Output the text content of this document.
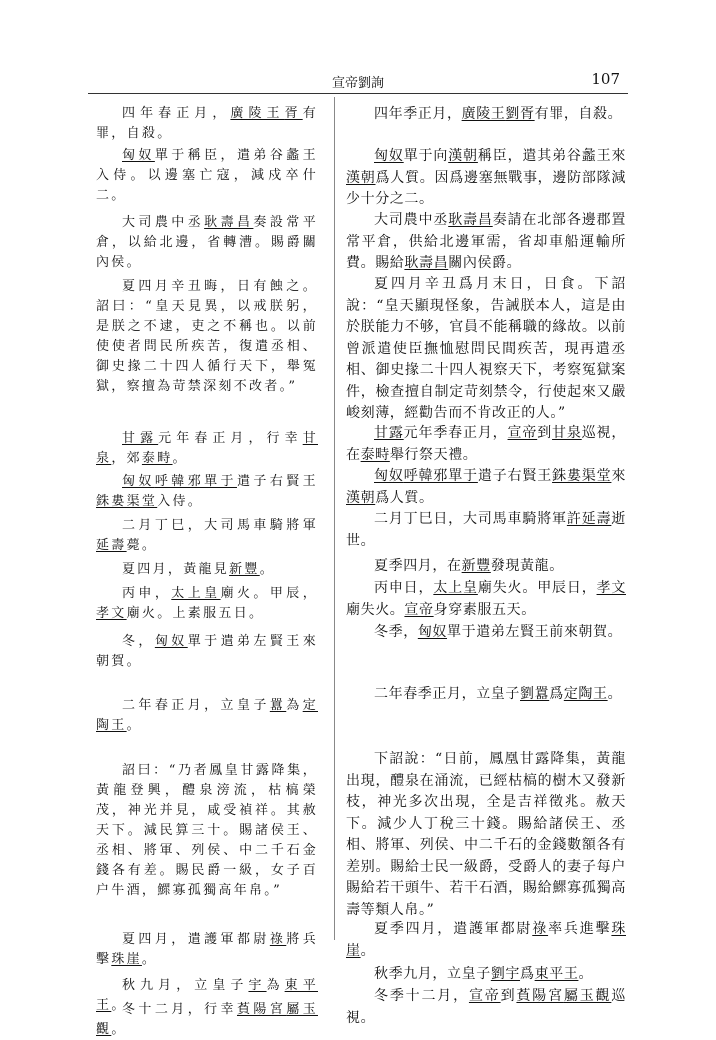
宣帝劉詢	107

四年春正月，廣陵王胥有罪，自殺。

匈奴單于稱臣，遣弟谷蠡王入侍。以邊塞亡寇，減戍卒什二。

大司農中丞耿壽昌奏設常平倉，以給北邊，省轉漕。賜爵關內侯。

夏四月辛丑晦，日有蝕之。詔曰：“皇天見異，以戒朕躬，是朕之不逮，吏之不稱也。以前使使者問民所疾苦，復遣丞相、御史掾二十四人循行天下，舉冤獄，察擅為苛禁深刻不改者。”

甘露元年春正月，行幸甘泉，郊泰畤。

匈奴呼韓邪單于遣子右賢王銖婁渠堂入侍。

二月丁巳，大司馬車騎將軍延壽薨。

夏四月，黃龍見新豐。

丙申，太上皇廟火。甲辰，孝文廟火。上素服五日。

冬，匈奴單于遣弟左賢王來朝賀。

二年春正月，立皇子囂為定陶王。

詔曰：“乃者鳳皇甘露降集，黃龍登興，醴泉滂流，枯槁榮茂，神光并見，咸受禎祥。其赦天下。減民算三十。賜諸侯王、丞相、將軍、列侯、中二千石金錢各有差。賜民爵一級，女子百户牛酒，鰥寡孤獨高年帛。”

夏四月，遣護軍都尉祿將兵擊珠崖。

秋九月，立皇子宇為東平王。

冬十二月，行幸萯陽宮屬玉觀。

四年季正月，廣陵王劉胥有罪，自殺。

匈奴單于向漢朝稱臣，遣其弟谷蠡王來漢朝爲人質。因爲邊塞無戰事，邊防部隊減少十分之二。

大司農中丞耿壽昌奏請在北部各邊郡置常平倉，供給北邊軍需，省却車船運輸所費。賜給耿壽昌關內侯爵。

夏四月辛丑爲月末日，日食。下詔說：“皇天顯現怪象，告誡朕本人，這是由於朕能力不够，官員不能稱職的緣故。以前曾派遣使臣撫恤慰問民間疾苦，現再遣丞相、御史掾二十四人視察天下，考察冤獄案件，檢查擅自制定苛刻禁令，行使起來又嚴峻刻薄，經勸告而不肯改正的人。”

甘露元年季春正月，宣帝到甘泉巡視，在泰畤舉行祭天禮。

匈奴呼韓邪單于遣子右賢王銖婁渠堂來漢朝爲人質。

二月丁巳日，大司馬車騎將軍許延壽逝世。

夏季四月，在新豐發現黃龍。

丙申日，太上皇廟失火。甲辰日，孝文廟失火。宣帝身穿素服五天。

冬季，匈奴單于遣弟左賢王前來朝賀。

二年春季正月，立皇子劉囂爲定陶王。

下詔說：“日前，鳳凰甘露降集，黃龍出現，醴泉在涌流，已經枯槁的樹木又發新枝，神光多次出現，全是吉祥徵兆。赦天下。減少人丁稅三十錢。賜給諸侯王、丞相、將軍、列侯、中二千石的金錢數額各有差别。賜給士民一級爵，受爵人的妻子每户賜給若干頭牛、若干石酒，賜給鰥寡孤獨高壽等類人帛。”

夏季四月，遣護軍都尉祿率兵進擊珠崖。

秋季九月，立皇子劉宇爲東平王。

冬季十二月，宣帝到萯陽宮屬玉觀巡視。
